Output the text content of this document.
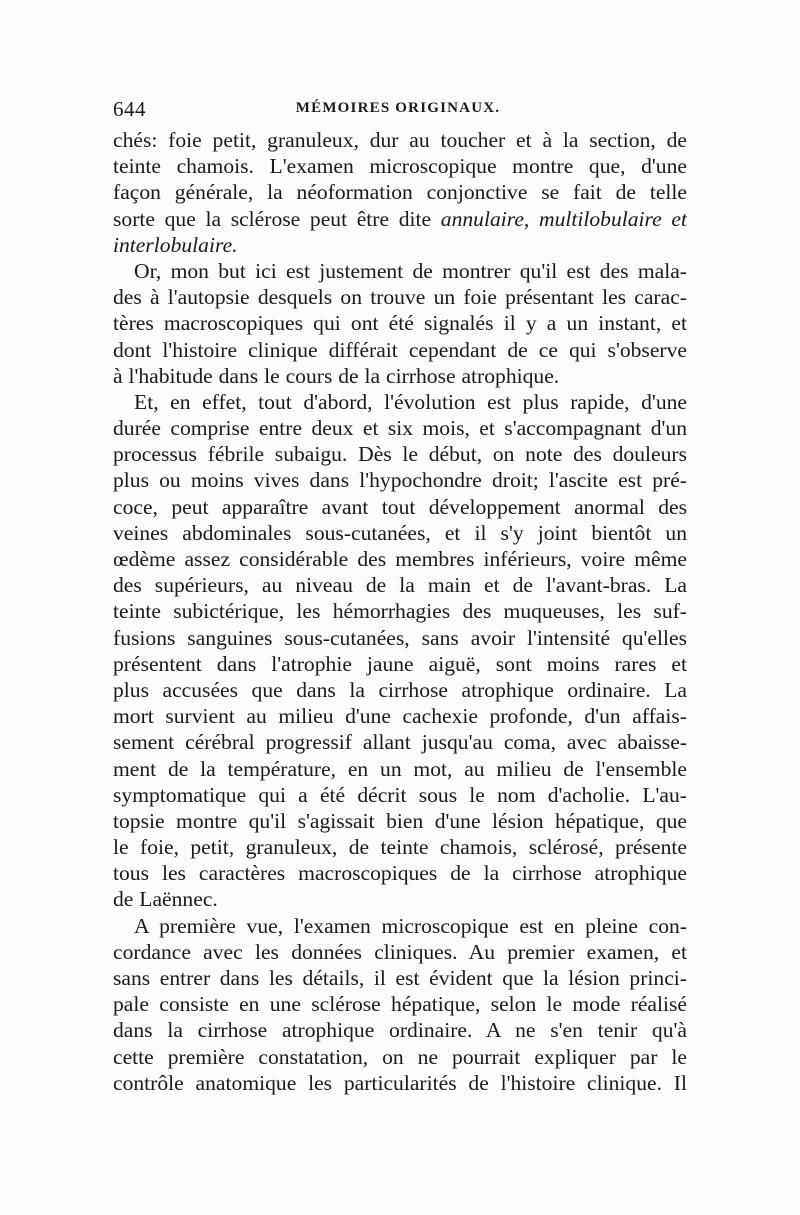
644	MÉMOIRES ORIGINAUX.
chés: foie petit, granuleux, dur au toucher et à la section, de
teinte chamois. L'examen microscopique montre que, d'une
façon générale, la néoformation conjonctive se fait de telle
sorte que la sclérose peut être dite annulaire, multilobulaire et
interlobulaire.
Or, mon but ici est justement de montrer qu'il est des mala-
des à l'autopsie desquels on trouve un foie présentant les carac-
tères macroscopiques qui ont été signalés il y a un instant, et
dont l'histoire clinique différait cependant de ce qui s'observe
à l'habitude dans le cours de la cirrhose atrophique.
Et, en effet, tout d'abord, l'évolution est plus rapide, d'une
durée comprise entre deux et six mois, et s'accompagnant d'un
processus fébrile subaigu. Dès le début, on note des douleurs
plus ou moins vives dans l'hypochondre droit; l'ascite est pré-
coce, peut apparaître avant tout développement anormal des
veines abdominales sous-cutanées, et il s'y joint bientôt un
œdème assez considérable des membres inférieurs, voire même
des supérieurs, au niveau de la main et de l'avant-bras. La
teinte subictérique, les hémorrhagies des muqueuses, les suf-
fusions sanguines sous-cutanées, sans avoir l'intensité qu'elles
présentent dans l'atrophie jaune aiguë, sont moins rares et
plus accusées que dans la cirrhose atrophique ordinaire. La
mort survient au milieu d'une cachexie profonde, d'un affais-
sement cérébral progressif allant jusqu'au coma, avec abaisse-
ment de la température, en un mot, au milieu de l'ensemble
symptomatique qui a été décrit sous le nom d'acholie. L'au-
topsie montre qu'il s'agissait bien d'une lésion hépatique, que
le foie, petit, granuleux, de teinte chamois, sclérosé, présente
tous les caractères macroscopiques de la cirrhose atrophique
de Laënnec.
A première vue, l'examen microscopique est en pleine con-
cordance avec les données cliniques. Au premier examen, et
sans entrer dans les détails, il est évident que la lésion princi-
pale consiste en une sclérose hépatique, selon le mode réalisé
dans la cirrhose atrophique ordinaire. A ne s'en tenir qu'à
cette première constatation, on ne pourrait expliquer par le
contrôle anatomique les particularités de l'histoire clinique. Il
